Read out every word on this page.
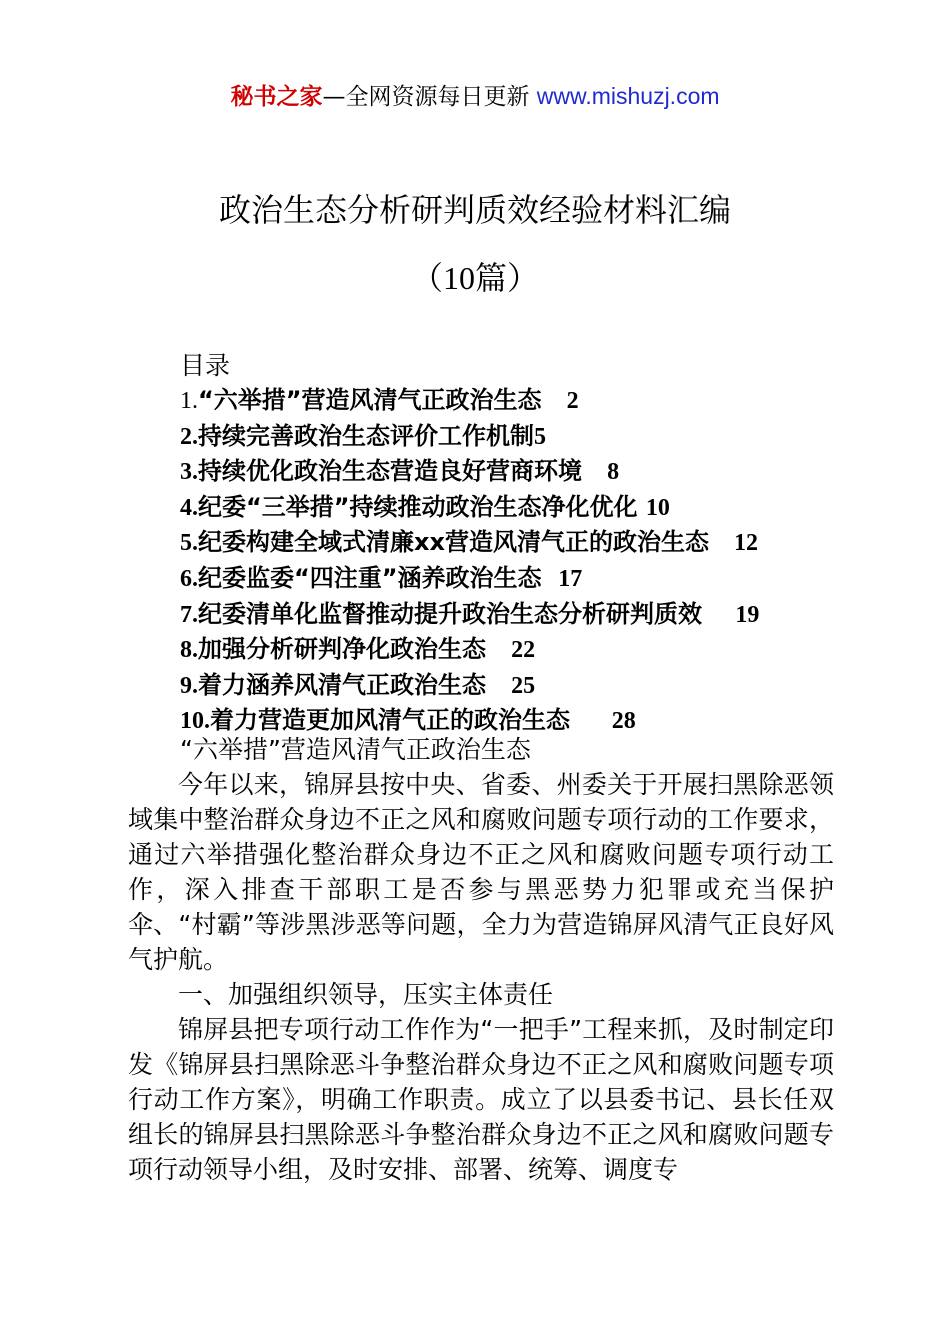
秘书之家—全网资源每日更新 www.mishuzj.com
政治生态分析研判质效经验材料汇编
（10篇）
目录
1.“六举措”营造风清气正政治生态 2
2.持续完善政治生态评价工作机制5
3.持续优化政治生态营造良好营商环境 8
4.纪委“三举措”持续推动政治生态净化优化 10
5.纪委构建全域式清廉xx营造风清气正的政治生态 12
6.纪委监委“四注重”涵养政治生态 17
7.纪委清单化监督推动提升政治生态分析研判质效 19
8.加强分析研判净化政治生态 22
9.着力涵养风清气正政治生态 25
10.着力营造更加风清气正的政治生态 28

“六举措”营造风清气正政治生态

今年以来，锦屏县按中央、省委、州委关于开展扫黑除恶领域集中整治群众身边不正之风和腐败问题专项行动的工作要求，通过六举措强化整治群众身边不正之风和腐败问题专项行动工作，深入排查干部职工是否参与黑恶势力犯罪或充当保护伞、“村霸”等涉黑涉恶等问题，全力为营造锦屏风清气正良好风气护航。

一、加强组织领导，压实主体责任

锦屏县把专项行动工作作为“一把手”工程来抓，及时制定印发《锦屏县扫黑除恶斗争整治群众身边不正之风和腐败问题专项行动工作方案》，明确工作职责。成立了以县委书记、县长任双组长的锦屏县扫黑除恶斗争整治群众身边不正之风和腐败问题专项行动领导小组，及时安排、部署、统筹、调度专
